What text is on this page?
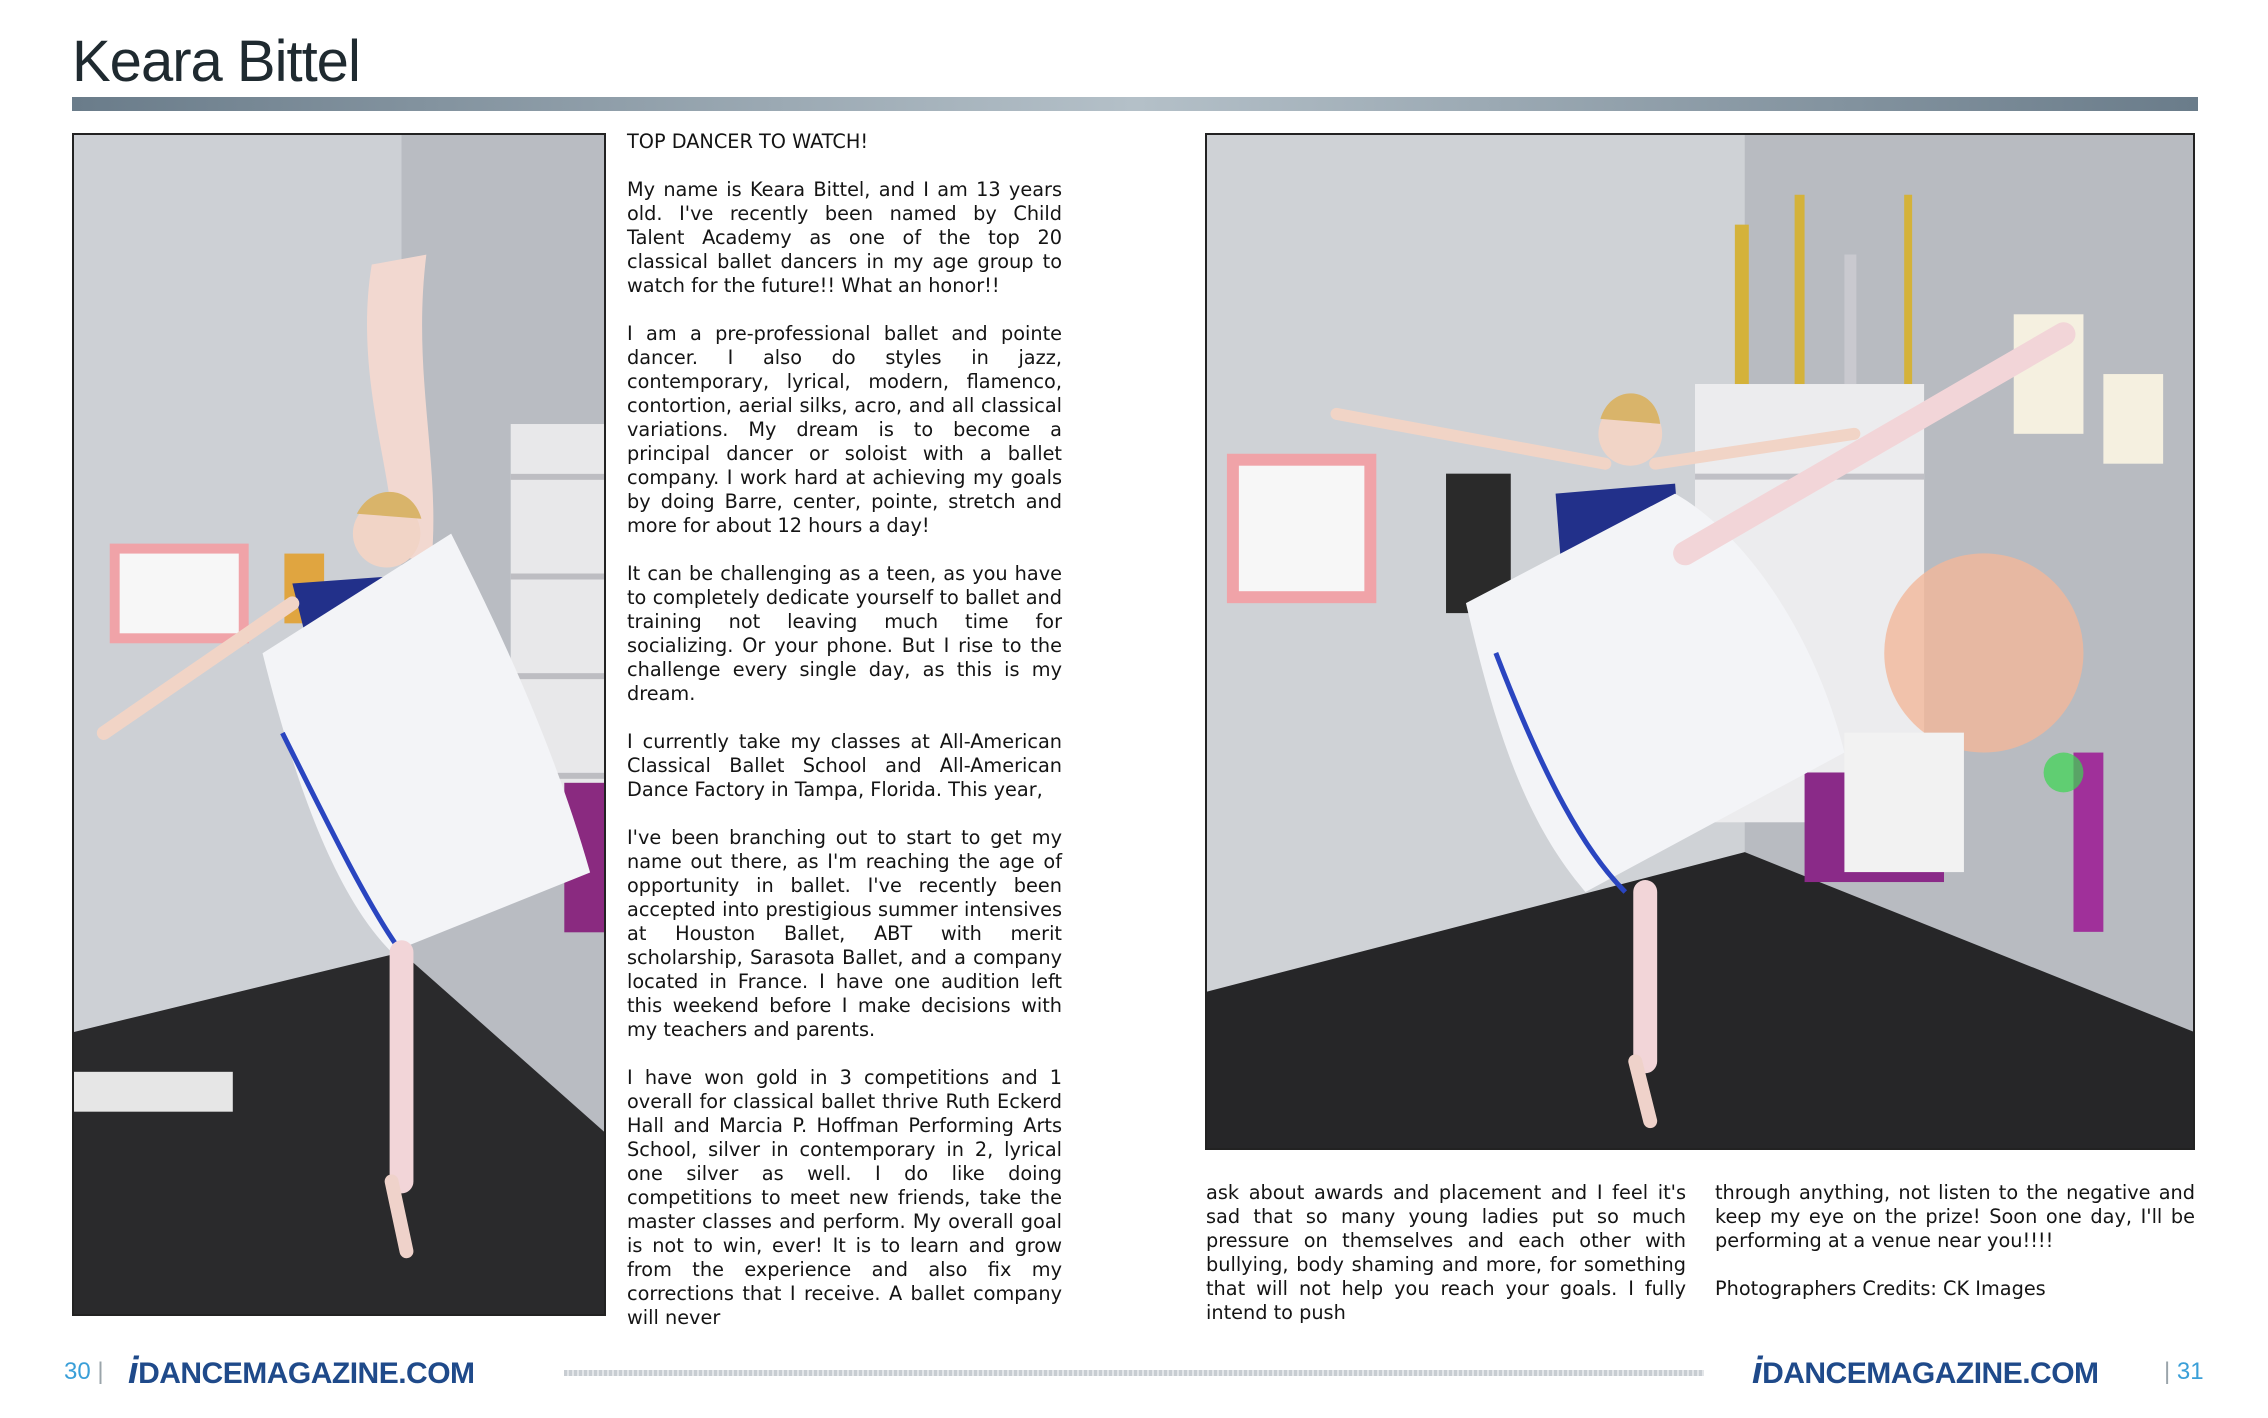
Keara Bittel

TOP DANCER TO WATCH!

My name is Keara Bittel, and I am 13 years old. I've recently been named by Child Talent Academy as one of the top 20 classical ballet dancers in my age group to watch for the future!! What an honor!!

I am a pre-professional ballet and pointe dancer. I also do styles in jazz, contemporary, lyrical, modern, flamenco, contortion, aerial silks, acro, and all classical variations. My dream is to become a principal dancer or soloist with a ballet company. I work hard at achieving my goals by doing Barre, center, pointe, stretch and more for about 12 hours a day!

It can be challenging as a teen, as you have to completely dedicate yourself to ballet and training not leaving much time for socializing. Or your phone. But I rise to the challenge every single day, as this is my dream.

I currently take my classes at All-American Classical Ballet School and All-American Dance Factory in Tampa, Florida. This year,

I've been branching out to start to get my name out there, as I'm reaching the age of opportunity in ballet. I've recently been accepted into prestigious summer intensives at Houston Ballet, ABT with merit scholarship, Sarasota Ballet, and a company located in France. I have one audition left this weekend before I make decisions with my teachers and parents.

I have won gold in 3 competitions and 1 overall for classical ballet thrive Ruth Eckerd Hall and Marcia P. Hoffman Performing Arts School, silver in contemporary in 2, lyrical one silver as well. I do like doing competitions to meet new friends, take the master classes and perform. My overall goal is not to win, ever! It is to learn and grow from the experience and also fix my corrections that I receive. A ballet company will never

ask about awards and placement and I feel it's sad that so many young ladies put so much pressure on themselves and each other with bullying, body shaming and more, for something that will not help you reach your goals. I fully intend to push

through anything, not listen to the negative and keep my eye on the prize! Soon one day, I'll be performing at a venue near you!!!!

Photographers Credits: CK Images

30 | iDANCEMAGAZINE.COM	iDANCEMAGAZINE.COM	| 31
